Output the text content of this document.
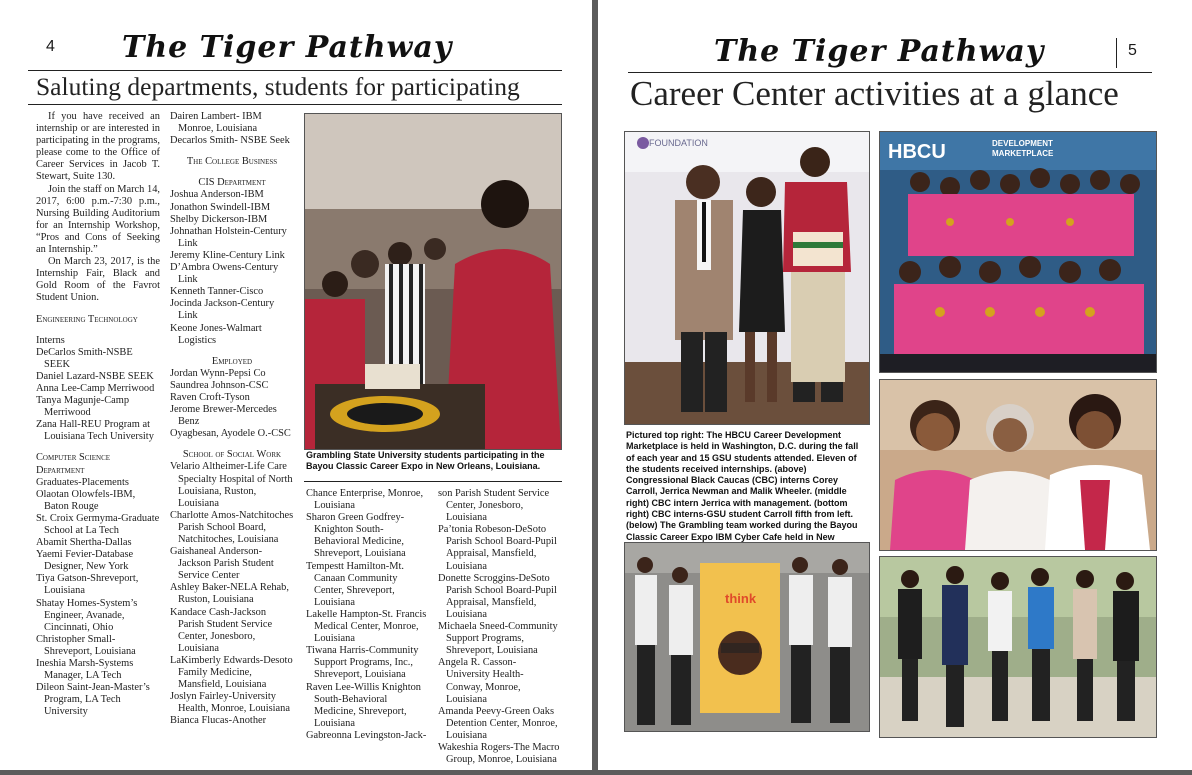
4 The Tiger Pathway
Saluting departments, students for participating

If you have received an internship or are interested in participating in the programs, please come to the Office of Career Services in Jacob T. Stewart, Suite 130.

Join the staff on March 14, 2017, 6:00 p.m.-7:30 p.m., Nursing Building Auditorium for an Internship Workshop, “Pros and Cons of Seeking an Internship.”

On March 23, 2017, is the Internship Fair, Black and Gold Room of the Favrot Student Union.

Engineering Technology

Interns

DeCarlos Smith-NSBE SEEK

Daniel Lazard-NSBE SEEK

Anna Lee-Camp Merriwood

Tanya Magunje-Camp Merriwood

Zana Hall-REU Program at Louisiana Tech University

Computer Science Department

Graduates-Placements

Olaotan Olowfels-IBM, Baton Rouge

St. Croix Germyma-Graduate School at La Tech

Abamit Shertha-Dallas

Yaemi Fevier-Database Designer, New York

Tiya Gatson-Shreveport, Louisiana

Shatay Homes-System’s Engineer, Avanade, Cincinnati, Ohio

Christopher Small-Shreveport, Louisiana

Ineshia Marsh-Systems Manager, LA Tech

Dileon Saint-Jean-Master’s Program, LA Tech University

Dairen Lambert- IBM Monroe, Louisiana

Decarlos Smith- NSBE Seek

The College Business

CIS Department

Joshua Anderson-IBM

Jonathon Swindell-IBM

Shelby Dickerson-IBM

Johnathan Holstein-Century Link

Jeremy Kline-Century Link

D’Ambra Owens-Century Link

Kenneth Tanner-Cisco

Jocinda Jackson-Century Link

Keone Jones-Walmart Logistics

Employed

Jordan Wynn-Pepsi Co

Saundrea Johnson-CSC

Raven Croft-Tyson

Jerome Brewer-Mercedes Benz

Oyagbesan, Ayodele O.-CSC

School of Social Work

Velario Altheimer-Life Care Specialty Hospital of North Louisiana, Ruston, Louisiana

Charlotte Amos-Natchitoches Parish School Board, Natchitoches, Louisiana

Gaishaneal Anderson-Jackson Parish Student Service Center

Ashley Baker-NELA Rehab, Ruston, Louisiana

Kandace Cash-Jackson Parish Student Service Center, Jonesboro, Louisiana

LaKimberly Edwards-Desoto Family Medicine, Mansfield, Louisiana

Joslyn Fairley-University Health, Monroe, Louisiana

Bianca Flucas-Another

Grambling State University students participating in the Bayou Classic Career Expo in New Orleans, Louisiana.

Chance Enterprise, Monroe, Louisiana

Sharon Green Godfrey-Knighton South-Behavioral Medicine, Shreveport, Louisiana

Tempestt Hamilton-Mt. Canaan Community Center, Shreveport, Louisiana

Lakelle Hampton-St. Francis Medical Center, Monroe, Louisiana

Tiwana Harris-Community Support Programs, Inc., Shreveport, Louisiana

Raven Lee-Willis Knighton South-Behavioral Medicine, Shreveport, Louisiana

Gabreonna Levingston-Jack-

son Parish Student Service Center, Jonesboro, Louisiana

Pa’tonia Robeson-DeSoto Parish School Board-Pupil Appraisal, Mansfield, Louisiana

Donette Scroggins-DeSoto Parish School Board-Pupil Appraisal, Mansfield, Louisiana

Michaela Sneed-Community Support Programs, Shreveport, Louisiana

Angela R. Casson-University Health-Conway, Monroe, Louisiana

Amanda Peevy-Green Oaks Detention Center, Monroe, Louisiana

Wakeshia Rogers-The Macro Group, Monroe, Louisiana

The Tiger Pathway	5
Career Center activities at a glance
FOUNDATION	HBCU	DEVELOPMENT
MARKETPLACE
Pictured top right: The HBCU Career Development Marketplace is held in Washington, D.C. during the fall of each year and 15 GSU students attended. Eleven of the students received internships. (above) Congressional Black Caucas (CBC) interns Corey Carroll, Jerrica Newman and Malik Wheeler. (middle right) CBC intern Jerrica with management. (bottom right) CBC interns-GSU student Carroll fifth from left. (below) The Grambling team worked during the Bayou Classic Career Expo IBM Cyber Cafe held in New
think
